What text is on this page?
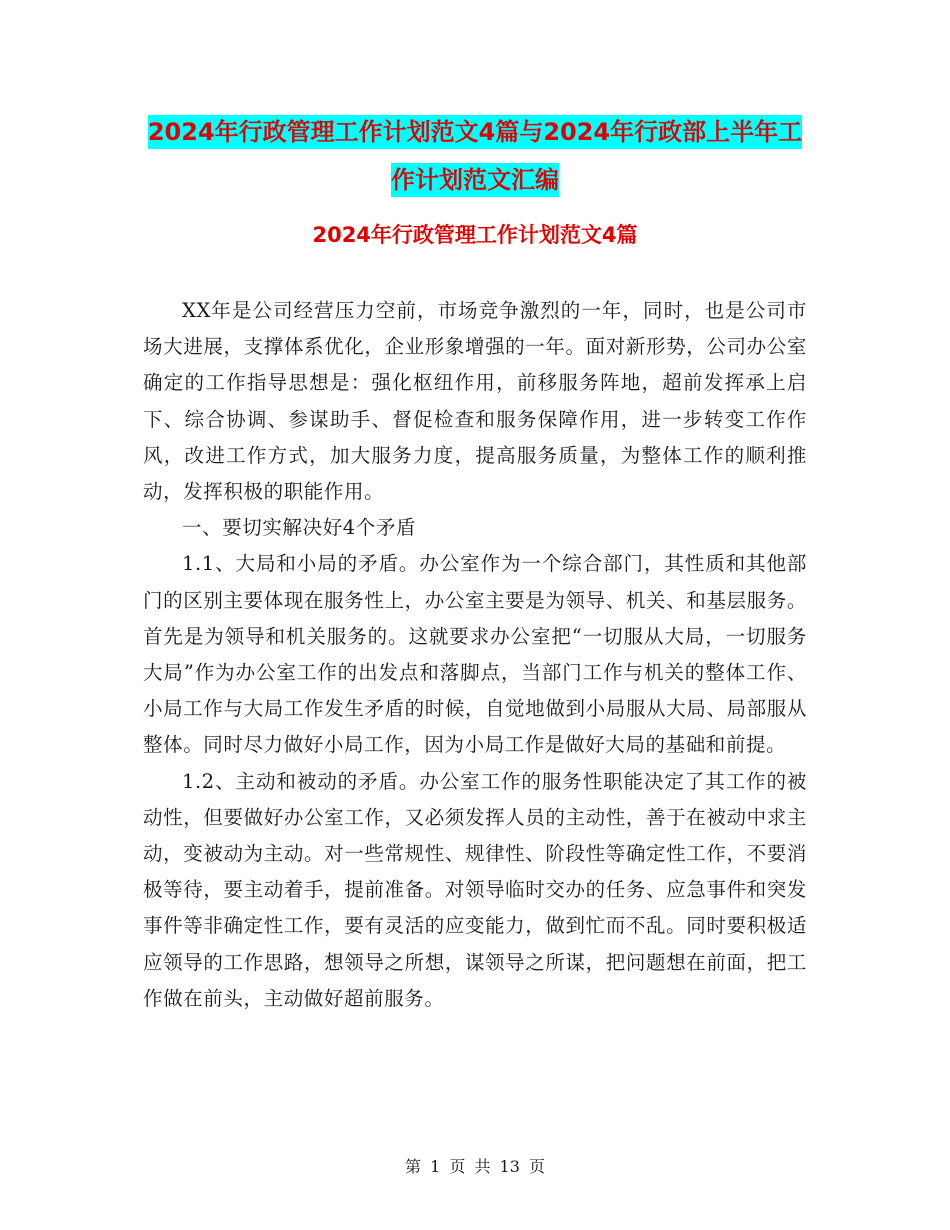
2024年行政管理工作计划范文4篇与2024年行政部上半年工作计划范文汇编
2024年行政管理工作计划范文4篇

XX年是公司经营压力空前，市场竞争激烈的一年，同时，也是公司市场大进展，支撑体系优化，企业形象增强的一年。面对新形势，公司办公室确定的工作指导思想是：强化枢纽作用，前移服务阵地，超前发挥承上启下、综合协调、参谋助手、督促检查和服务保障作用，进一步转变工作作风，改进工作方式，加大服务力度，提高服务质量，为整体工作的顺利推动，发挥积极的职能作用。

一、要切实解决好4个矛盾

1.1、大局和小局的矛盾。办公室作为一个综合部门，其性质和其他部门的区别主要体现在服务性上，办公室主要是为领导、机关、和基层服务。首先是为领导和机关服务的。这就要求办公室把“一切服从大局，一切服务大局”作为办公室工作的出发点和落脚点，当部门工作与机关的整体工作、小局工作与大局工作发生矛盾的时候，自觉地做到小局服从大局、局部服从整体。同时尽力做好小局工作，因为小局工作是做好大局的基础和前提。

1.2、主动和被动的矛盾。办公室工作的服务性职能决定了其工作的被动性，但要做好办公室工作，又必须发挥人员的主动性，善于在被动中求主动，变被动为主动。对一些常规性、规律性、阶段性等确定性工作，不要消极等待，要主动着手，提前准备。对领导临时交办的任务、应急事件和突发事件等非确定性工作，要有灵活的应变能力，做到忙而不乱。同时要积极适应领导的工作思路，想领导之所想，谋领导之所谋，把问题想在前面，把工作做在前头，主动做好超前服务。

第 1 页 共 13 页
